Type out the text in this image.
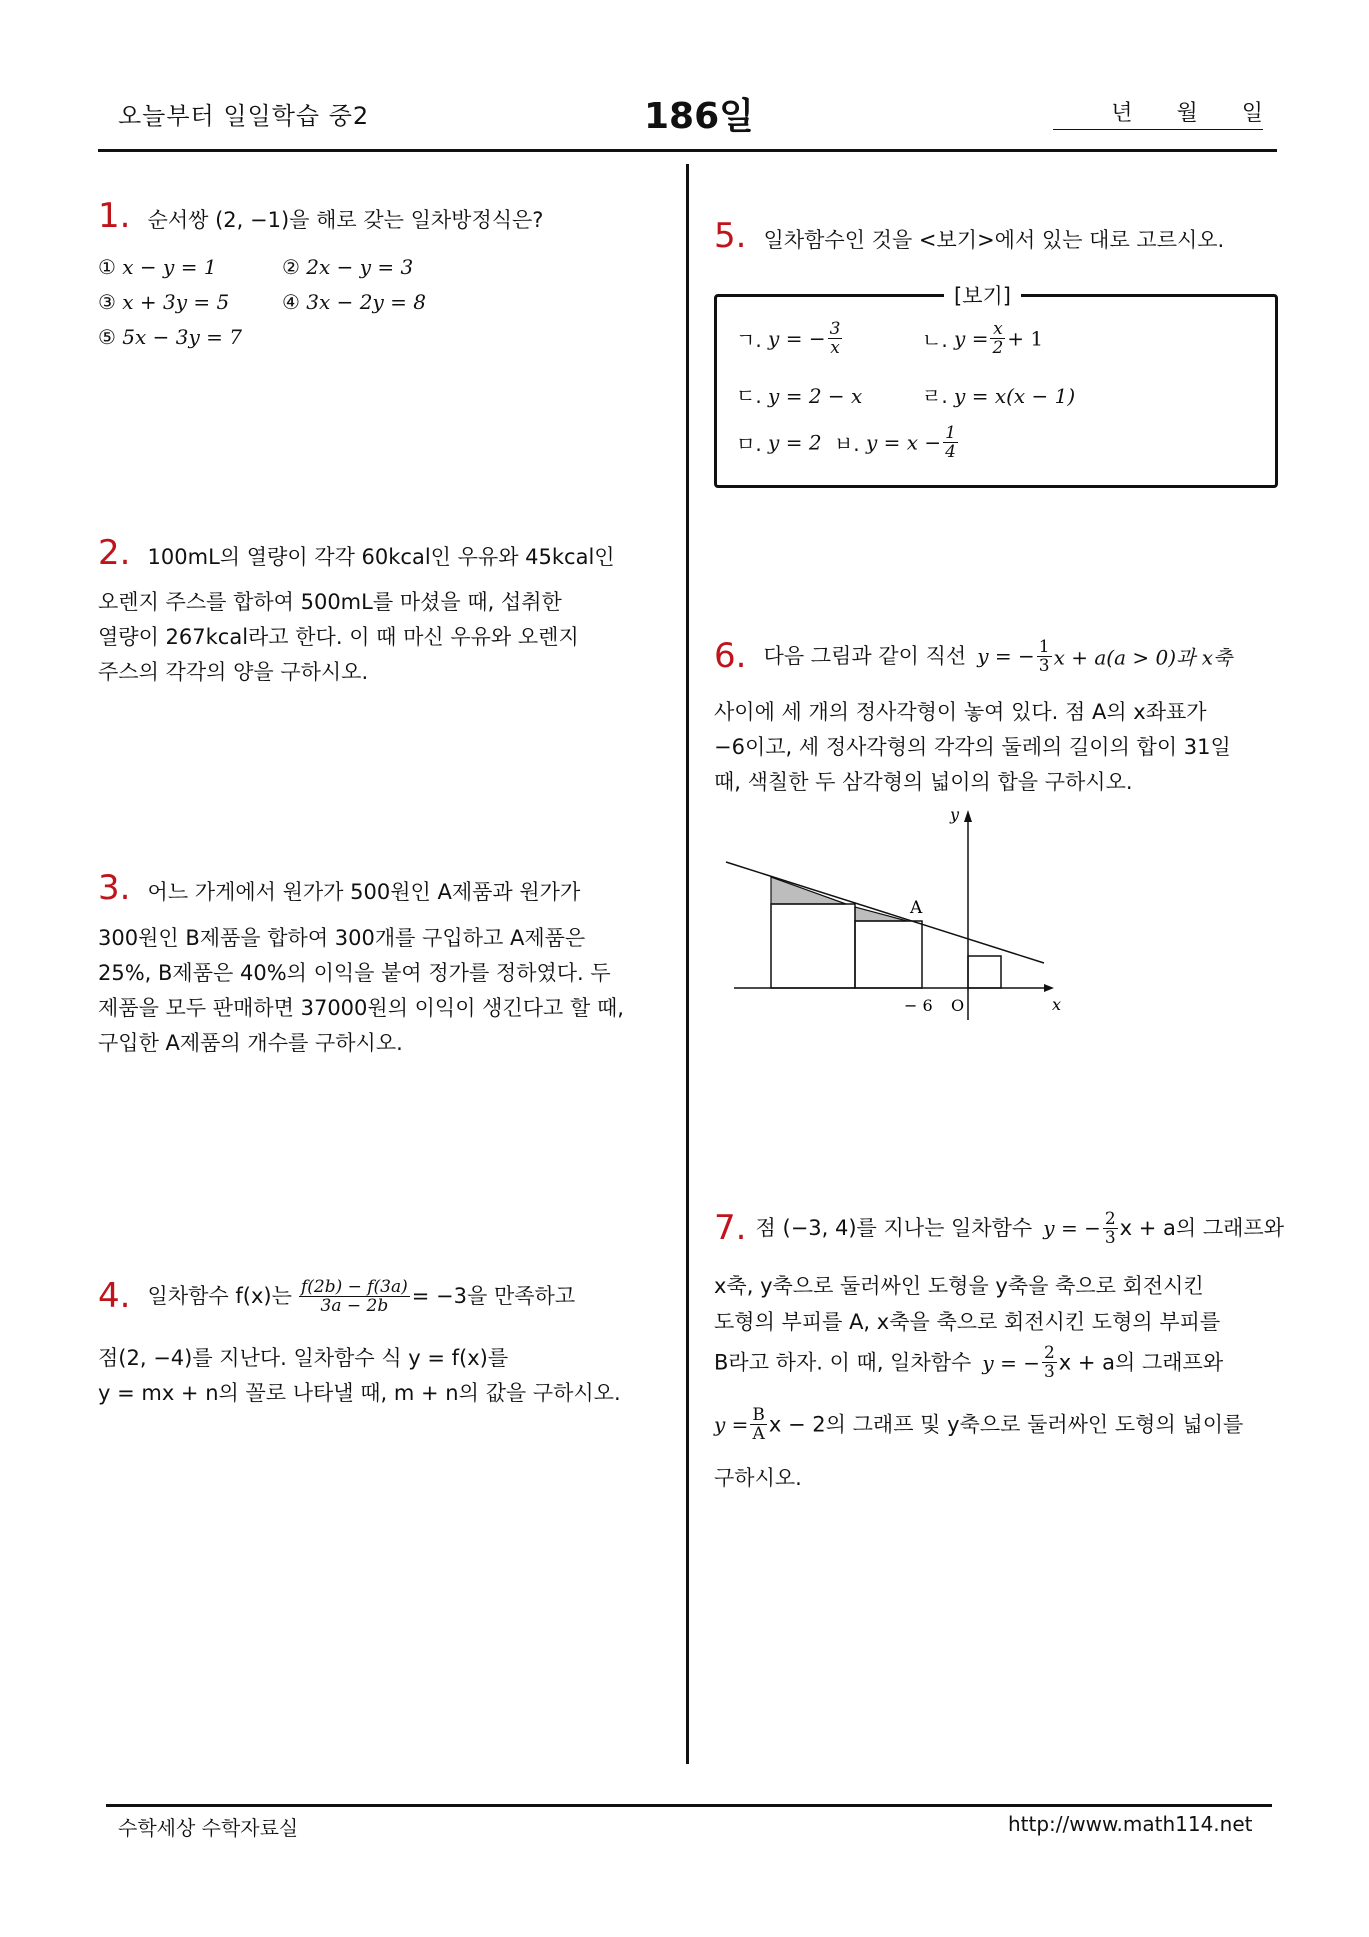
오늘부터 일일학습 중2	186일	년 월 일
1. 순서쌍 (2, −1)을 해로 갖는 일차방정식은?
① x − y = 1	② 2x − y = 3
③ x + 3y = 5	④ 3x − 2y = 8
⑤ 5x − 3y = 7
2. 100mL의 열량이 각각 60kcal인 우유와 45kcal인
오렌지 주스를 합하여 500mL를 마셨을 때, 섭취한
열량이 267kcal라고 한다. 이 때 마신 우유와 오렌지
주스의 각각의 양을 구하시오.
3. 어느 가게에서 원가가 500원인 A제품과 원가가
300원인 B제품을 합하여 300개를 구입하고 A제품은
25%, B제품은 40%의 이익을 붙여 정가를 정하였다. 두
제품을 모두 판매하면 37000원의 이익이 생긴다고 할 때,
구입한 A제품의 개수를 구하시오.
4. 일차함수 f(x)는 $\frac{f(2b) - f(3a)}{3a - 2b} = -3$을 만족하고
점(2, −4)를 지난다. 일차함수 식 y = f(x)를
y = mx + n의 꼴로 나타낼 때, m + n의 값을 구하시오.
5. 일차함수인 것을 <보기>에서 있는 대로 고르시오.
[보기]
ㄱ. y = − $\frac{3}{x}$	ㄴ. $y = \frac{x}{2} + 1$
ㄷ. y = 2 − x	ㄹ. y = x(x − 1)
ㅁ. y = 2 ㅂ. $y = x - \frac{1}{4}$
6. 다음 그림과 같이 직선 y = − $\frac{1}{3}$ x + a(a > 0)과 x축
사이에 세 개의 정사각형이 놓여 있다. 점 A의 x좌표가
−6이고, 세 정사각형의 각각의 둘레의 길이의 합이 31일
때, 색칠한 두 삼각형의 넓이의 합을 구하시오.
y
x
A
− 6 O
7. 점 (−3, 4)를 지나는 일차함수 y = − $\frac{2}{3}$ x + a의 그래프와
x축, y축으로 둘러싸인 도형을 y축을 축으로 회전시킨
도형의 부피를 A, x축을 축으로 회전시킨 도형의 부피를
B라고 하자. 이 때, 일차함수 y = − $\frac{2}{3}$ x + a의 그래프와
$y = \frac{B}{A}$ x − 2의 그래프 및 y축으로 둘러싸인 도형의 넓이를
구하시오.
수학세상 수학자료실	http://www.math114.net
